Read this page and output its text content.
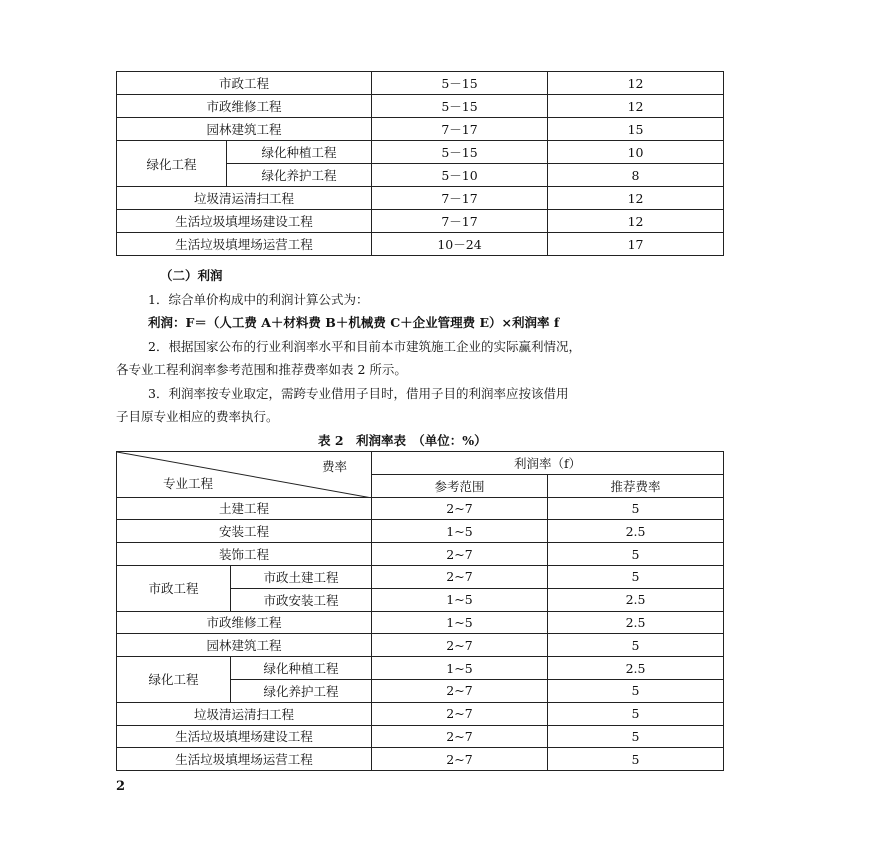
市政工程		5－15	12
市政维修工程		5－15	12
园林建筑工程		7－17	15
绿化工程	绿化种植工程	5－15	10
	绿化养护工程	5－10	8
垃圾清运清扫工程		7－17	12
生活垃圾填埋场建设工程		7－17	12
生活垃圾填埋场运营工程		10－24	17
（二）利润
1．综合单价构成中的利润计算公式为：
利润：F＝（人工费 A＋材料费 B＋机械费 C＋企业管理费 E）×利润率 f
2．根据国家公布的行业利润率水平和目前本市建筑施工企业的实际赢利情况，
各专业工程利润率参考范围和推荐费率如表 2 所示。
3．利润率按专业取定，需跨专业借用子目时，借用子目的利润率应按该借用
子目原专业相应的费率执行。
表 2　利润率表　（单位：%）
费率
专业工程		利润率（f）	
		参考范围	推荐费率
土建工程		2~7	5
安装工程		1~5	2.5
装饰工程		2~7	5
市政工程	市政土建工程	2~7	5
	市政安装工程	1~5	2.5
市政维修工程		1~5	2.5
园林建筑工程		2~7	5
绿化工程	绿化种植工程	1~5	2.5
	绿化养护工程	2~7	5
垃圾清运清扫工程		2~7	5
生活垃圾填埋场建设工程		2~7	5
生活垃圾填埋场运营工程		2~7	5
2
